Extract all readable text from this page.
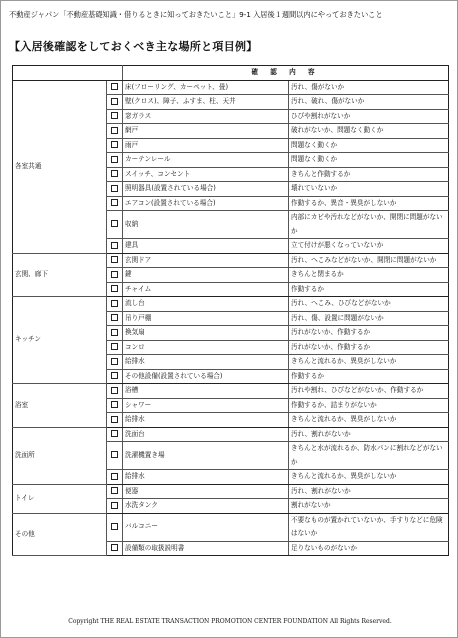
不動産ジャパン「不動産基礎知識・借りるときに知っておきたいこと」9-1 入居後１週間以内にやっておきたいこと
【入居後確認をしておくべき主な場所と項目例】
		確 認 内 容	
各室共通		床(フローリング、カーペット、畳)	汚れ、傷がないか
		壁(クロス)、障子、ふすま、柱、天井	汚れ、破れ、傷がないか
		窓ガラス	ひびや割れがないか
		網戸	破れがないか、問題なく動くか
		雨戸	問題なく動くか
		カーテンレール	問題なく動くか
		スイッチ、コンセント	きちんと作動するか
		照明器具(設置されている場合)	壊れていないか
		エアコン(設置されている場合)	作動するか、異音・異臭がしないか
		収納	内部にカビや汚れなどがないか、開閉に問題がないか
		建具	立て付けが悪くなっていないか
玄関、廊下		玄関ドア	汚れ、へこみなどがないか、開閉に問題がないか
		鍵	きちんと閉まるか
		チャイム	作動するか
キッチン		流し台	汚れ、へこみ、ひびなどがないか
		吊り戸棚	汚れ、傷、設置に問題がないか
		換気扇	汚れがないか、作動するか
		コンロ	汚れがないか、作動するか
		給排水	きちんと流れるか、異臭がしないか
		その他設備(設置されている場合)	作動するか
浴室		浴槽	汚れや割れ、ひびなどがないか、作動するか
		シャワー	作動するか、詰まりがないか
		給排水	きちんと流れるか、異臭がしないか
洗面所		洗面台	汚れ、割れがないか
		洗濯機置き場	きちんと水が流れるか、防水パンに割れなどがないか
		給排水	きちんと流れるか、異臭がしないか
トイレ		便器	汚れ、割れがないか
		水洗タンク	割れがないか
その他		バルコニー	不要なものが置かれていないか、手すりなどに危険はないか
		設備類の取扱説明書	足りないものがないか
Copyright THE REAL ESTATE TRANSACTION PROMOTION CENTER FOUNDATION All Rights Reserved.
